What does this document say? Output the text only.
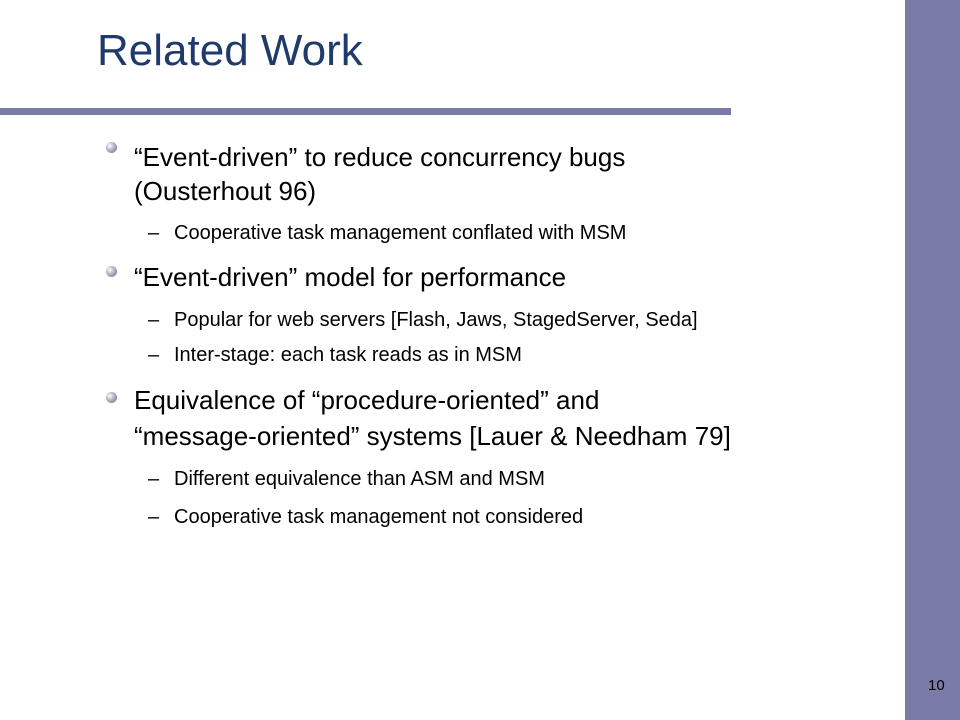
Related Work
“Event-driven” to reduce concurrency bugs
(Ousterhout 96)
– Cooperative task management conflated with MSM
“Event-driven” model for performance
– Popular for web servers [Flash, Jaws, StagedServer, Seda]
– Inter-stage: each task reads as in MSM
Equivalence of “procedure-oriented” and
“message-oriented” systems [Lauer & Needham 79]
– Different equivalence than ASM and MSM
– Cooperative task management not considered
10
